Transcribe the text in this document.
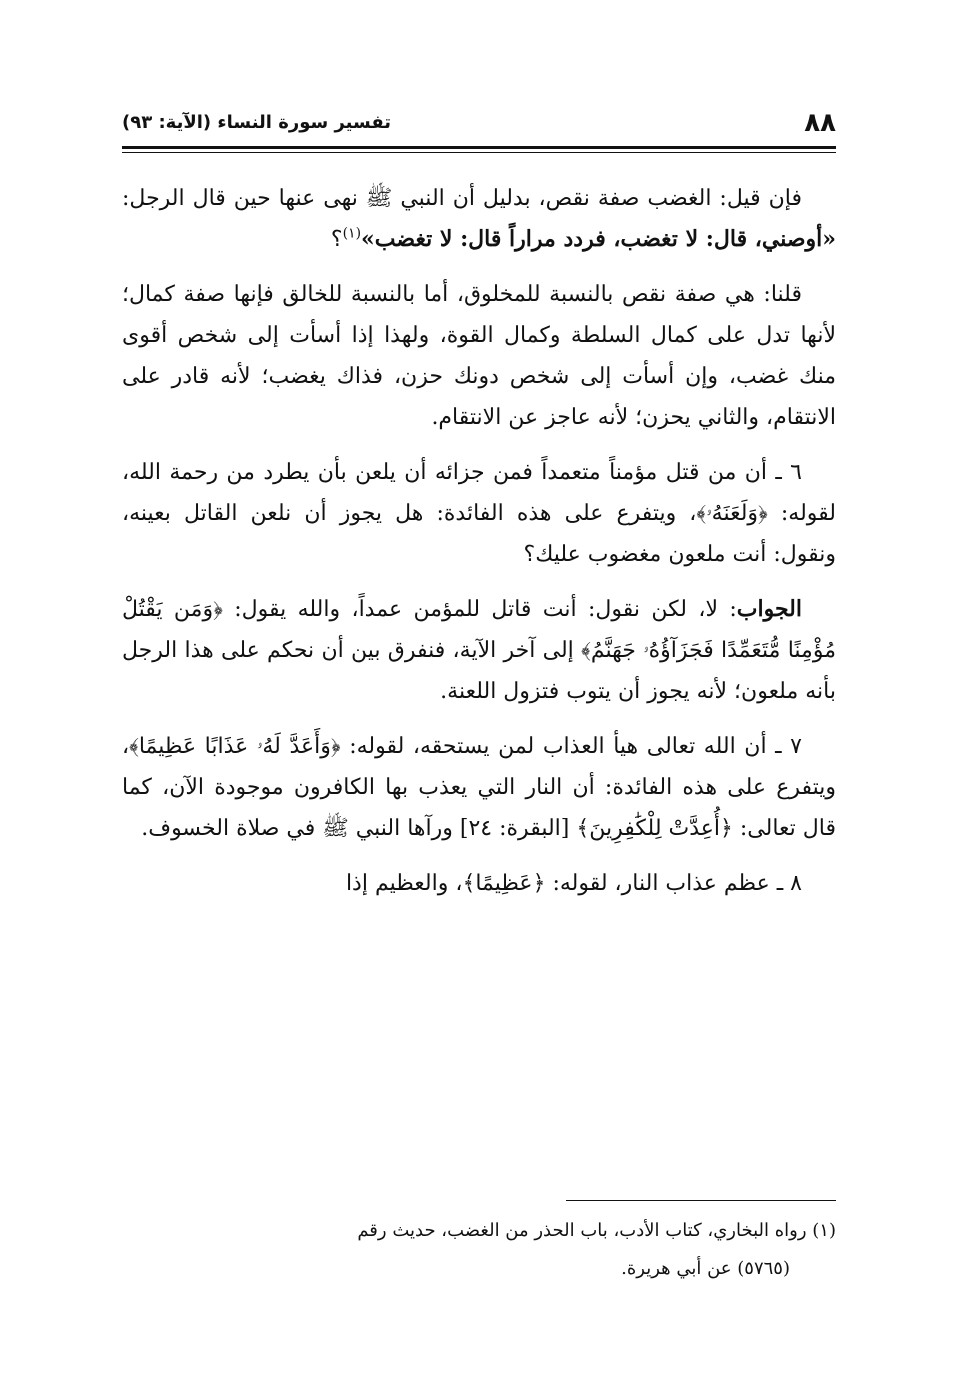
٨٨
تفسير سورة النساء (الآية: ٩٣)

فإن قيل: الغضب صفة نقص، بدليل أن النبي ﷺ نهى عنها حين قال الرجل: «أوصني، قال: لا تغضب، فردد مراراً قال: لا تغضب»$^{(١)}$؟

قلنا: هي صفة نقص بالنسبة للمخلوق، أما بالنسبة للخالق فإنها صفة كمال؛ لأنها تدل على كمال السلطة وكمال القوة، ولهذا إذا أسأت إلى شخص أقوى منك غضب، وإن أسأت إلى شخص دونك حزن، فذاك يغضب؛ لأنه قادر على الانتقام، والثاني يحزن؛ لأنه عاجز عن الانتقام.

٦ ـ أن من قتل مؤمناً متعمداً فمن جزائه أن يلعن بأن يطرد من رحمة الله، لقوله: ﴿وَلَعَنَهُۥ﴾، ويتفرع على هذه الفائدة: هل يجوز أن نلعن القاتل بعينه، ونقول: أنت ملعون مغضوب عليك؟

الجواب: لا، لكن نقول: أنت قاتل للمؤمن عمداً، والله يقول: ﴿وَمَن يَقْتُلْ مُؤْمِنًا مُّتَعَمِّدًا فَجَزَآؤُهُۥ جَهَنَّمُ﴾ إلى آخر الآية، فنفرق بين أن نحكم على هذا الرجل بأنه ملعون؛ لأنه يجوز أن يتوب فتزول اللعنة.

٧ ـ أن الله تعالى هيأ العذاب لمن يستحقه، لقوله: ﴿وَأَعَدَّ لَهُۥ عَذَابًا عَظِيمًا﴾، ويتفرع على هذه الفائدة: أن النار التي يعذب بها الكافرون موجودة الآن، كما قال تعالى: ﴿أُعِدَّتْ لِلْكَٰفِرِينَ﴾ [البقرة: ٢٤] ورآها النبي ﷺ في صلاة الخسوف.

٨ ـ عظم عذاب النار، لقوله: ﴿عَظِيمًا﴾، والعظيم إذا

(١) رواه البخاري، كتاب الأدب، باب الحذر من الغضب، حديث رقم
(٥٧٦٥) عن أبي هريرة.
